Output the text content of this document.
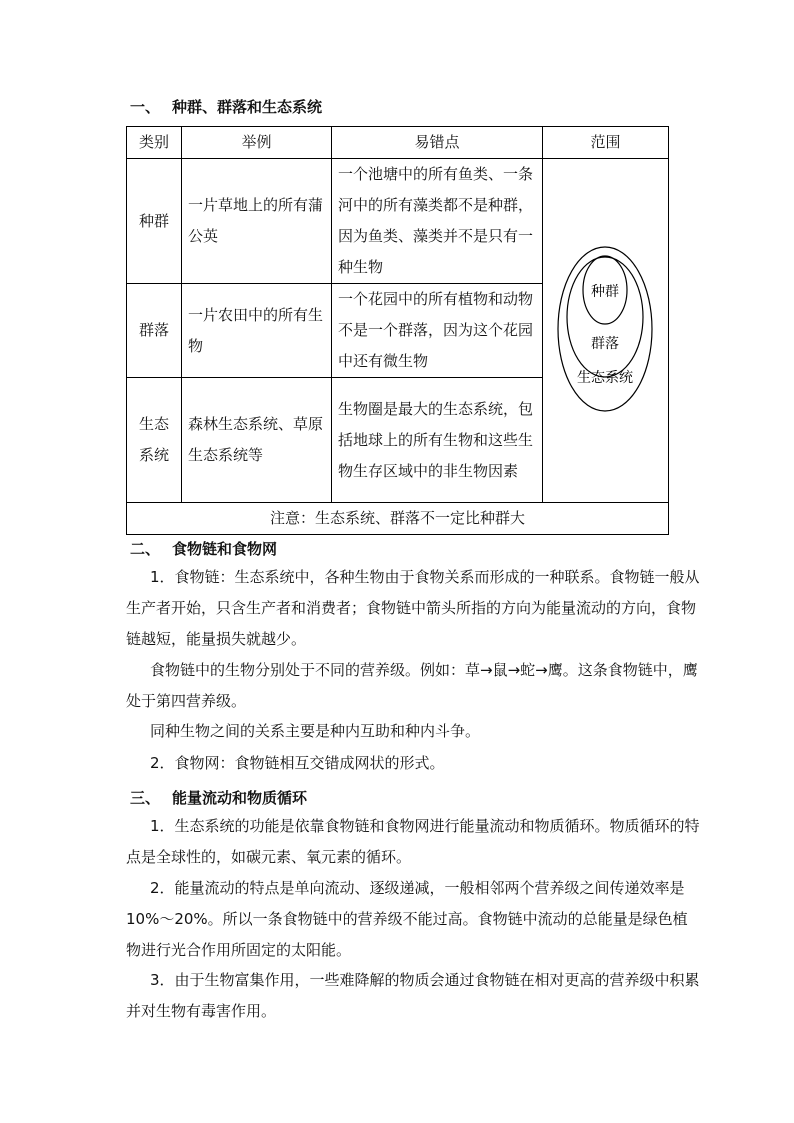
一、 种群、群落和生态系统
类别	举例	易错点	范围
种群	一片草地上的所有蒲公英	一个池塘中的所有鱼类、一条河中的所有藻类都不是种群，因为鱼类、藻类并不是只有一种生物	
群落	一片农田中的所有生物	一个花园中的所有植物和动物不是一个群落，因为这个花园中还有微生物	
生态系统	森林生态系统、草原生态系统等	生物圈是最大的生态系统，包括地球上的所有生物和这些生物生存区域中的非生物因素	
注意：生态系统、群落不一定比种群大			
种群
群落
生态系统
二、 食物链和食物网
1．食物链：生态系统中，各种生物由于食物关系而形成的一种联系。食物链一般从生产者开始，只含生产者和消费者；食物链中箭头所指的方向为能量流动的方向，食物链越短，能量损失就越少。
食物链中的生物分别处于不同的营养级。例如：草→鼠→蛇→鹰。这条食物链中，鹰处于第四营养级。
同种生物之间的关系主要是种内互助和种内斗争。
2．食物网：食物链相互交错成网状的形式。
三、 能量流动和物质循环
1．生态系统的功能是依靠食物链和食物网进行能量流动和物质循环。物质循环的特点是全球性的，如碳元素、氧元素的循环。
2．能量流动的特点是单向流动、逐级递减，一般相邻两个营养级之间传递效率是10%～20%。所以一条食物链中的营养级不能过高。食物链中流动的总能量是绿色植物进行光合作用所固定的太阳能。
3．由于生物富集作用，一些难降解的物质会通过食物链在相对更高的营养级中积累并对生物有毒害作用。
